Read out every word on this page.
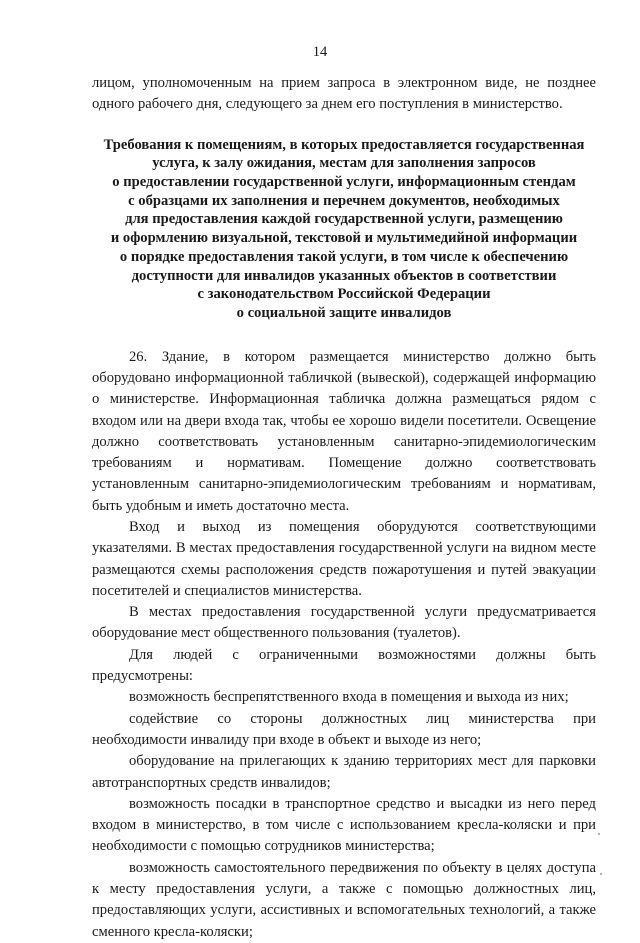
14

лицом, уполномоченным на прием запроса в электронном виде, не позднее одного рабочего дня, следующего за днем его поступления в министерство.

Требования к помещениям, в которых предоставляется государственная
услуга, к залу ожидания, местам для заполнения запросов
о предоставлении государственной услуги, информационным стендам
с образцами их заполнения и перечнем документов, необходимых
для предоставления каждой государственной услуги, размещению
и оформлению визуальной, текстовой и мультимедийной информации
о порядке предоставления такой услуги, в том числе к обеспечению
доступности для инвалидов указанных объектов в соответствии
с законодательством Российской Федерации
о социальной защите инвалидов

26. Здание, в котором размещается министерство должно быть оборудовано информационной табличкой (вывеской), содержащей информацию о министерстве. Информационная табличка должна размещаться рядом с входом или на двери входа так, чтобы ее хорошо видели посетители. Освещение должно соответствовать установленным санитарно-эпидемиологическим требованиям и нормативам. Помещение должно соответствовать установленным санитарно-эпидемиологическим требованиям и нормативам, быть удобным и иметь достаточно места.

Вход и выход из помещения оборудуются соответствующими указателями. В местах предоставления государственной услуги на видном месте размещаются схемы расположения средств пожаротушения и путей эвакуации посетителей и специалистов министерства.

В местах предоставления государственной услуги предусматривается оборудование мест общественного пользования (туалетов).

Для людей с ограниченными возможностями должны быть предусмотрены:

возможность беспрепятственного входа в помещения и выхода из них;

содействие со стороны должностных лиц министерства при необходимости инвалиду при входе в объект и выходе из него;

оборудование на прилегающих к зданию территориях мест для парковки автотранспортных средств инвалидов;

возможность посадки в транспортное средство и высадки из него перед входом в министерство, в том числе с использованием кресла-коляски и при необходимости с помощью сотрудников министерства;

возможность самостоятельного передвижения по объекту в целях доступа к месту предоставления услуги, а также с помощью должностных лиц, предоставляющих услуги, ассистивных и вспомогательных технологий, а также сменного кресла-коляски;
